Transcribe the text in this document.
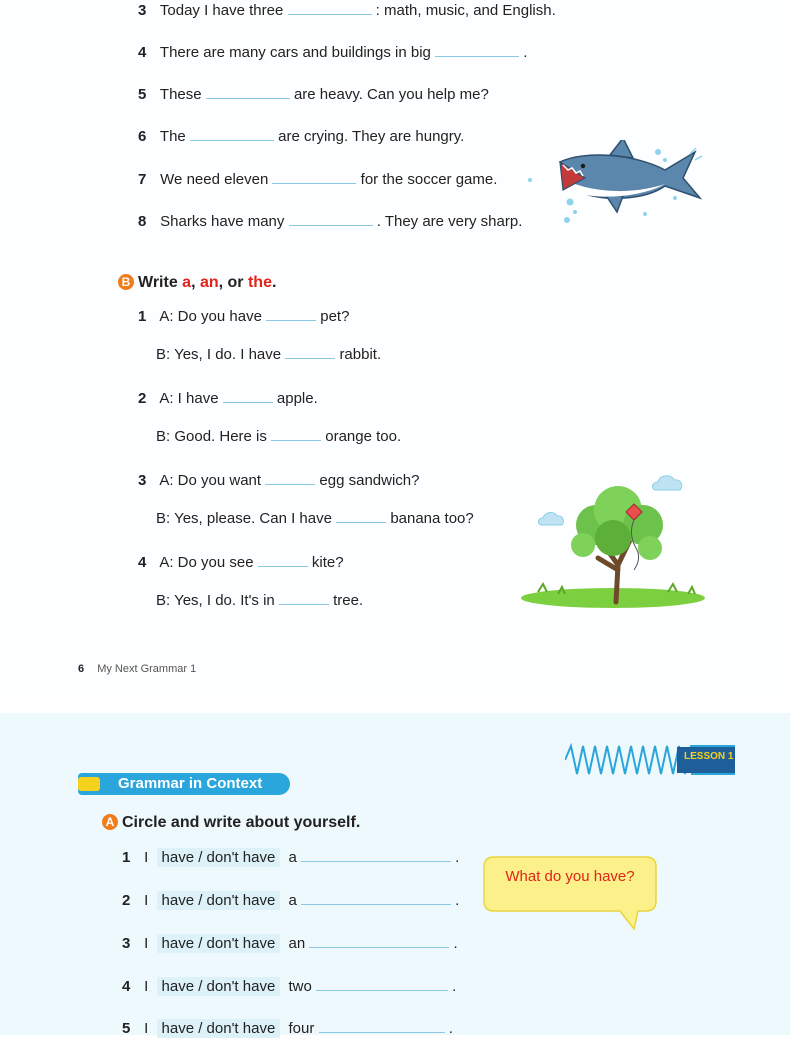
3 Today I have three	: math, music, and English.
4 There are many cars and buildings in big	.
5 These	are heavy. Can you help me?
6 The	are crying. They are hungry.
7 We need eleven	for the soccer game.
8 Sharks have many	. They are very sharp.
B Write a, an, or the.
1 A: Do you have	pet?
B: Yes, I do. I have	rabbit.
2 A: I have	apple.
B: Good. Here is	orange too.
3 A: Do you want	egg sandwich?
B: Yes, please. Can I have	banana too?
4 A: Do you see	kite?
B: Yes, I do. It's in	tree.
6 My Next Grammar 1
LESSON 1
Grammar in Context
A Circle and write about yourself.
1 I have / don't have a	.
2 I have / don't have a	.
3 I have / don't have an	.
4 I have / don't have two	.
5 I have / don't have four	.
What do you have?
